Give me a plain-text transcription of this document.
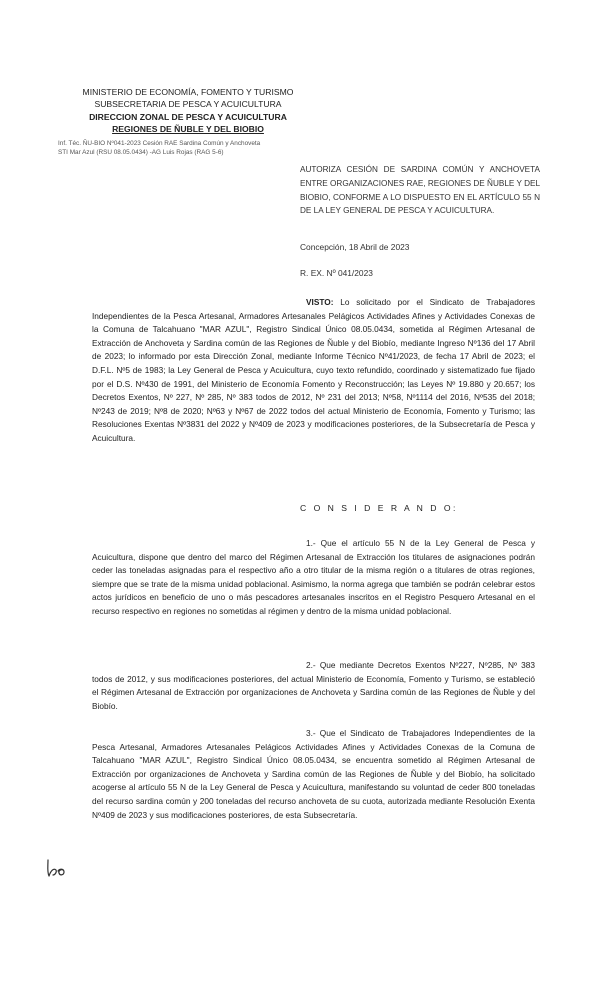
MINISTERIO DE ECONOMÍA, FOMENTO Y TURISMO
SUBSECRETARIA DE PESCA Y ACUICULTURA
DIRECCION ZONAL DE PESCA Y ACUICULTURA
REGIONES DE ÑUBLE Y DEL BIOBIO
Inf. Téc. ÑU-BIO Nº041-2023 Cesión RAE Sardina Común y Anchoveta
STI Mar Azul (RSU 08.05.0434) -AG Luis Rojas (RAG 5-6)
AUTORIZA CESIÓN DE SARDINA COMÚN Y ANCHOVETA ENTRE ORGANIZACIONES RAE, REGIONES DE ÑUBLE Y DEL BIOBIO, CONFORME A LO DISPUESTO EN EL ARTÍCULO 55 N DE LA LEY GENERAL DE PESCA Y ACUICULTURA.
Concepción, 18 Abril de 2023
R. EX. Nº 041/2023
VISTO: Lo solicitado por el Sindicato de Trabajadores Independientes de la Pesca Artesanal, Armadores Artesanales Pelágicos Actividades Afines y Actividades Conexas de la Comuna de Talcahuano "MAR AZUL", Registro Sindical Único 08.05.0434, sometida al Régimen Artesanal de Extracción de Anchoveta y Sardina común de las Regiones de Ñuble y del Biobío, mediante Ingreso Nº136 del 17 Abril de 2023; lo informado por esta Dirección Zonal, mediante Informe Técnico Nº41/2023, de fecha 17 Abril de 2023; el D.F.L. Nº5 de 1983; la Ley General de Pesca y Acuicultura, cuyo texto refundido, coordinado y sistematizado fue fijado por el D.S. Nº430 de 1991, del Ministerio de Economía Fomento y Reconstrucción; las Leyes Nº 19.880 y 20.657; los Decretos Exentos, Nº 227, Nº 285, Nº 383 todos de 2012, Nº 231 del 2013; Nº58, Nº1114 del 2016, Nº535 del 2018; Nº243 de 2019; Nº8 de 2020; Nº63 y Nº67 de 2022 todos del actual Ministerio de Economía, Fomento y Turismo; las Resoluciones Exentas Nº3831 del 2022 y Nº409 de 2023 y modificaciones posteriores, de la Subsecretaría de Pesca y Acuicultura.
C O N S I D E R A N D O:
1.- Que el artículo 55 N de la Ley General de Pesca y Acuicultura, dispone que dentro del marco del Régimen Artesanal de Extracción los titulares de asignaciones podrán ceder las toneladas asignadas para el respectivo año a otro titular de la misma región o a titulares de otras regiones, siempre que se trate de la misma unidad poblacional. Asimismo, la norma agrega que también se podrán celebrar estos actos jurídicos en beneficio de uno o más pescadores artesanales inscritos en el Registro Pesquero Artesanal en el recurso respectivo en regiones no sometidas al régimen y dentro de la misma unidad poblacional.
2.- Que mediante Decretos Exentos Nº227, Nº285, Nº 383 todos de 2012, y sus modificaciones posteriores, del actual Ministerio de Economía, Fomento y Turismo, se estableció el Régimen Artesanal de Extracción por organizaciones de Anchoveta y Sardina común de las Regiones de Ñuble y del Biobío.
3.- Que el Sindicato de Trabajadores Independientes de la Pesca Artesanal, Armadores Artesanales Pelágicos Actividades Afines y Actividades Conexas de la Comuna de Talcahuano "MAR AZUL", Registro Sindical Único 08.05.0434, se encuentra sometido al Régimen Artesanal de Extracción por organizaciones de Anchoveta y Sardina común de las Regiones de Ñuble y del Biobío, ha solicitado acogerse al artículo 55 N de la Ley General de Pesca y Acuicultura, manifestando su voluntad de ceder 800 toneladas del recurso sardina común y 200 toneladas del recurso anchoveta de su cuota, autorizada mediante Resolución Exenta Nº409 de 2023 y sus modificaciones posteriores, de esta Subsecretaría.
